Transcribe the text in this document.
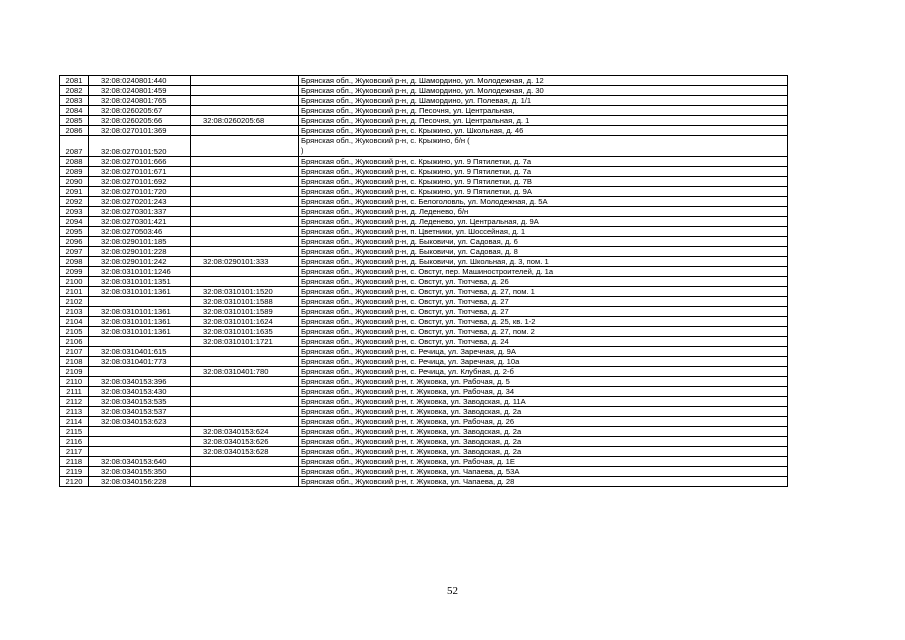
2081	32:08:0240801:440		Брянская обл., Жуковский р-н, д. Шамордино, ул. Молодежная, д. 12

2082	32:08:0240801:459		Брянская обл., Жуковский р-н, д. Шамордино, ул. Молодежная, д. 30

2083	32:08:0240801:765		Брянская обл., Жуковский р-н, д. Шамордино, ул. Полевая, д. 1/1

2084	32:08:0260205:67		Брянская обл., Жуковский р-н, д. Песочня, ул. Центральная,

2085	32:08:0260205:66	32:08:0260205:68	Брянская обл., Жуковский р-н, д. Песочня, ул. Центральная, д. 1

2086	32:08:0270101:369		Брянская обл., Жуковский р-н, с. Крыжино, ул. Школьная, д. 46

2087	32:08:0270101:520		Брянская обл., Жуковский р-н, с. Крыжино, б/н (
)

2088	32:08:0270101:666		Брянская обл., Жуковский р-н, с. Крыжино, ул. 9 Пятилетки, д. 7а

2089	32:08:0270101:671		Брянская обл., Жуковский р-н, с. Крыжино, ул. 9 Пятилетки, д. 7а

2090	32:08:0270101:692		Брянская обл., Жуковский р-н, с. Крыжино, ул. 9 Пятилетки, д. 7В

2091	32:08:0270101:720		Брянская обл., Жуковский р-н, с. Крыжино, ул. 9 Пятилетки, д. 9А

2092	32:08:0270201:243		Брянская обл., Жуковский р-н, с. Белоголовль, ул. Молодежная, д. 5А

2093	32:08:0270301:337		Брянская обл., Жуковский р-н, д. Леденево, б/н

2094	32:08:0270301:421		Брянская обл., Жуковский р-н, д. Леденево, ул. Центральная, д. 9А

2095	32:08:0270503:46		Брянская обл., Жуковский р-н, п. Цветники, ул. Шоссейная, д. 1

2096	32:08:0290101:185		Брянская обл., Жуковский р-н, д. Быковичи, ул. Садовая, д. 6

2097	32:08:0290101:228		Брянская обл., Жуковский р-н, д. Быковичи, ул. Садовая, д. 8

2098	32:08:0290101:242	32:08:0290101:333	Брянская обл., Жуковский р-н, д. Быковичи, ул. Школьная, д. 3, пом. 1

2099	32:08:0310101:1246		Брянская обл., Жуковский р-н, с. Овстуг, пер. Машиностроителей, д. 1а

2100	32:08:0310101:1351		Брянская обл., Жуковский р-н, с. Овстуг, ул. Тютчева, д. 26

2101	32:08:0310101:1361	32:08:0310101:1520	Брянская обл., Жуковский р-н, с. Овстуг, ул. Тютчева, д. 27, пом. 1

2102		32:08:0310101:1588	Брянская обл., Жуковский р-н, с. Овстуг, ул. Тютчева, д. 27

2103	32:08:0310101:1361	32:08:0310101:1589	Брянская обл., Жуковский р-н, с. Овстуг, ул. Тютчева, д. 27

2104	32:08:0310101:1361	32:08:0310101:1624	Брянская обл., Жуковский р-н, с. Овстуг, ул. Тютчева, д. 25, кв. 1-2

2105	32:08:0310101:1361	32:08:0310101:1635	Брянская обл., Жуковский р-н, с. Овстуг, ул. Тютчева, д. 27, пом. 2

2106		32:08:0310101:1721	Брянская обл., Жуковский р-н, с. Овстуг, ул. Тютчева, д. 24

2107	32:08:0310401:615		Брянская обл., Жуковский р-н, с. Речица, ул. Заречная, д. 9А

2108	32:08:0310401:773		Брянская обл., Жуковский р-н, с. Речица, ул. Заречная, д. 10а

2109		32:08:0310401:780	Брянская обл., Жуковский р-н, с. Речица, ул. Клубная, д. 2-б

2110	32:08:0340153:396		Брянская обл., Жуковский р-н, г. Жуковка, ул. Рабочая, д. 5

2111	32:08:0340153:430		Брянская обл., Жуковский р-н, г. Жуковка, ул. Рабочая, д. 34

2112	32:08:0340153:535		Брянская обл., Жуковский р-н, г. Жуковка, ул. Заводская, д. 11А

2113	32:08:0340153:537		Брянская обл., Жуковский р-н, г. Жуковка, ул. Заводская, д. 2а

2114	32:08:0340153:623		Брянская обл., Жуковский р-н, г. Жуковка, ул. Рабочая, д. 26

2115		32:08:0340153:624	Брянская обл., Жуковский р-н, г. Жуковка, ул. Заводская, д. 2а

2116		32:08:0340153:626	Брянская обл., Жуковский р-н, г. Жуковка, ул. Заводская, д. 2а

2117		32:08:0340153:628	Брянская обл., Жуковский р-н, г. Жуковка, ул. Заводская, д. 2а

2118	32:08:0340153:640		Брянская обл., Жуковский р-н, г. Жуковка, ул. Рабочая, д. 1Е

2119	32:08:0340155:350		Брянская обл., Жуковский р-н, г. Жуковка, ул. Чапаева, д. 53А

2120	32:08:0340156:228		Брянская обл., Жуковский р-н, г. Жуковка, ул. Чапаева, д. 28
52
